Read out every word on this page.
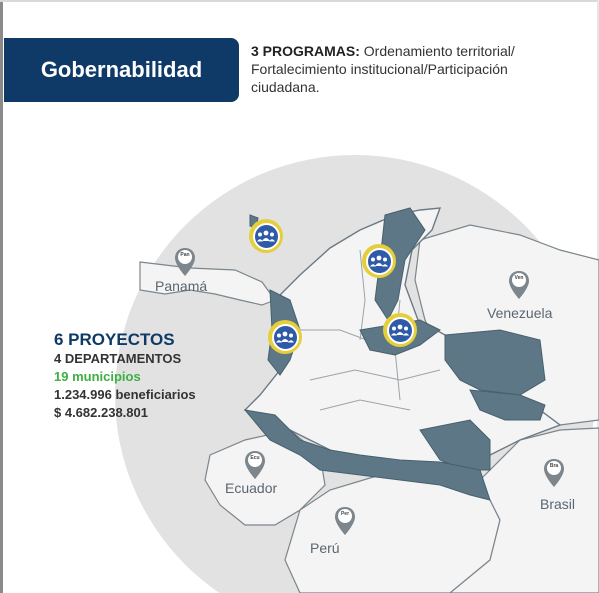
Gobernabilidad
3 PROGRAMAS: Ordenamiento territorial/ Fortalecimiento institucional/Participación ciudadana.
6 PROYECTOS
4 DEPARTAMENTOS
19 municipios
1.234.996 beneficiarios
$ 4.682.238.801
Panamá
Venezuela
Ecuador
Brasil
Perú
Pan
Ven
Ecu
Bra
Per
